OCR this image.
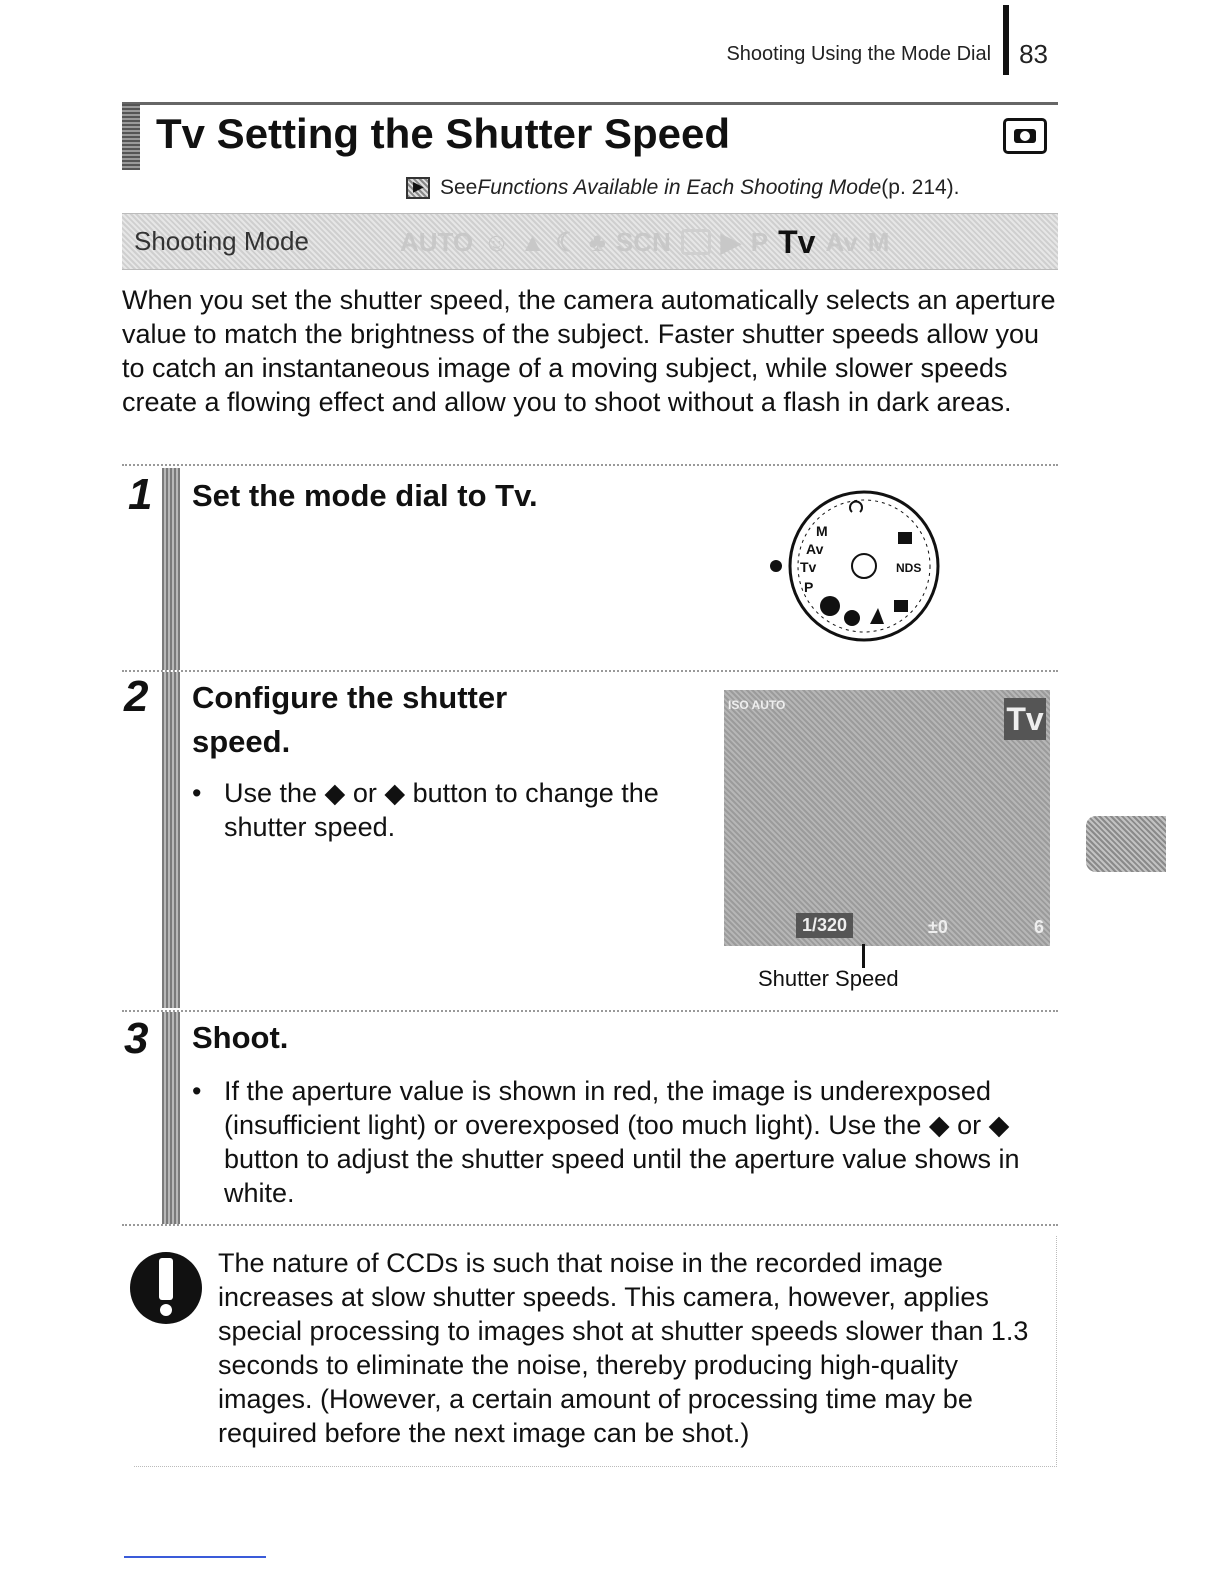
Shooting Using the Mode Dial 83
Tv Setting the Shutter Speed
▶
See Functions Available in Each Shooting Mode (p. 214).
Shooting Mode	AUTO ☺ ▲ ☾ ♣ SCN ▶ P Tv Av M
When you set the shutter speed, the camera automatically selects an aperture value to match the brightness of the subject. Faster shutter speeds allow you to catch an instantaneous image of a moving subject, while slower speeds create a flowing effect and allow you to shoot without a flash in dark areas.
1 Set the mode dial to Tv.
M
Av
Tv
P
NDS
2 Configure the shutter
speed.
• Use the ◆ or ◆ button to change the shutter speed.
ISO AUTO	Tv
1/320	±0	6
Shutter Speed
3 Shoot.
• If the aperture value is shown in red, the image is underexposed (insufficient light) or overexposed (too much light). Use the ◆ or ◆ button to adjust the shutter speed until the aperture value shows in white.
The nature of CCDs is such that noise in the recorded image increases at slow shutter speeds. This camera, however, applies special processing to images shot at shutter speeds slower than 1.3 seconds to eliminate the noise, thereby producing high-quality images. (However, a certain amount of processing time may be required before the next image can be shot.)
